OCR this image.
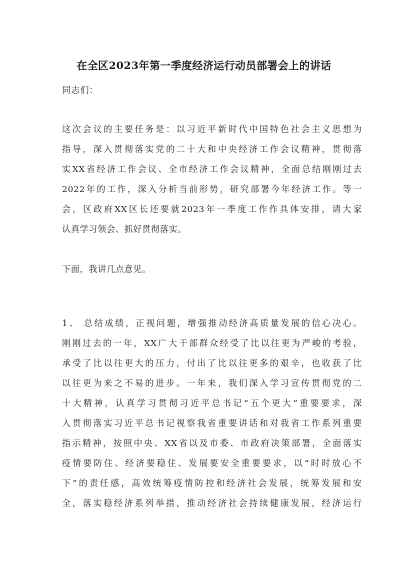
在全区2023年第一季度经济运行动员部署会上的讲话
同志们：
这次会议的主要任务是：以习近平新时代中国特色社会主义思想为
指导，深入贯彻落实党的二十大和中央经济工作会议精神，贯彻落
实XX省经济工作会议、全市经济工作会议精神，全面总结刚刚过去
2022年的工作，深入分析当前形势，研究部署今年经济工作。等一
会，区政府XX区长还要就2023年一季度工作作具体安排，请大家
认真学习领会、抓好贯彻落实。
下面，我讲几点意见。
1、 总结成绩，正视问题，增强推动经济高质量发展的信心决心。
刚刚过去的一年，XX广大干部群众经受了比以往更为严峻的考验，
承受了比以往更大的压力，付出了比以往更多的艰辛，也收获了比
以往更为来之不易的进步。一年来，我们深入学习宣传贯彻党的二
十大精神，认真学习贯彻习近平总书记“五个更大”重要要求，深
入贯彻落实习近平总书记视察我省重要讲话和对我省工作系列重要
指示精神，按照中央、XX省以及市委、市政府决策部署，全面落实
疫情要防住、经济要稳住、发展要安全重要要求，以“时时放心不
下”的责任感，高效统筹疫情防控和经济社会发展，统筹发展和安
全，落实稳经济系列举措，推动经济社会持续健康发展，经济运行
